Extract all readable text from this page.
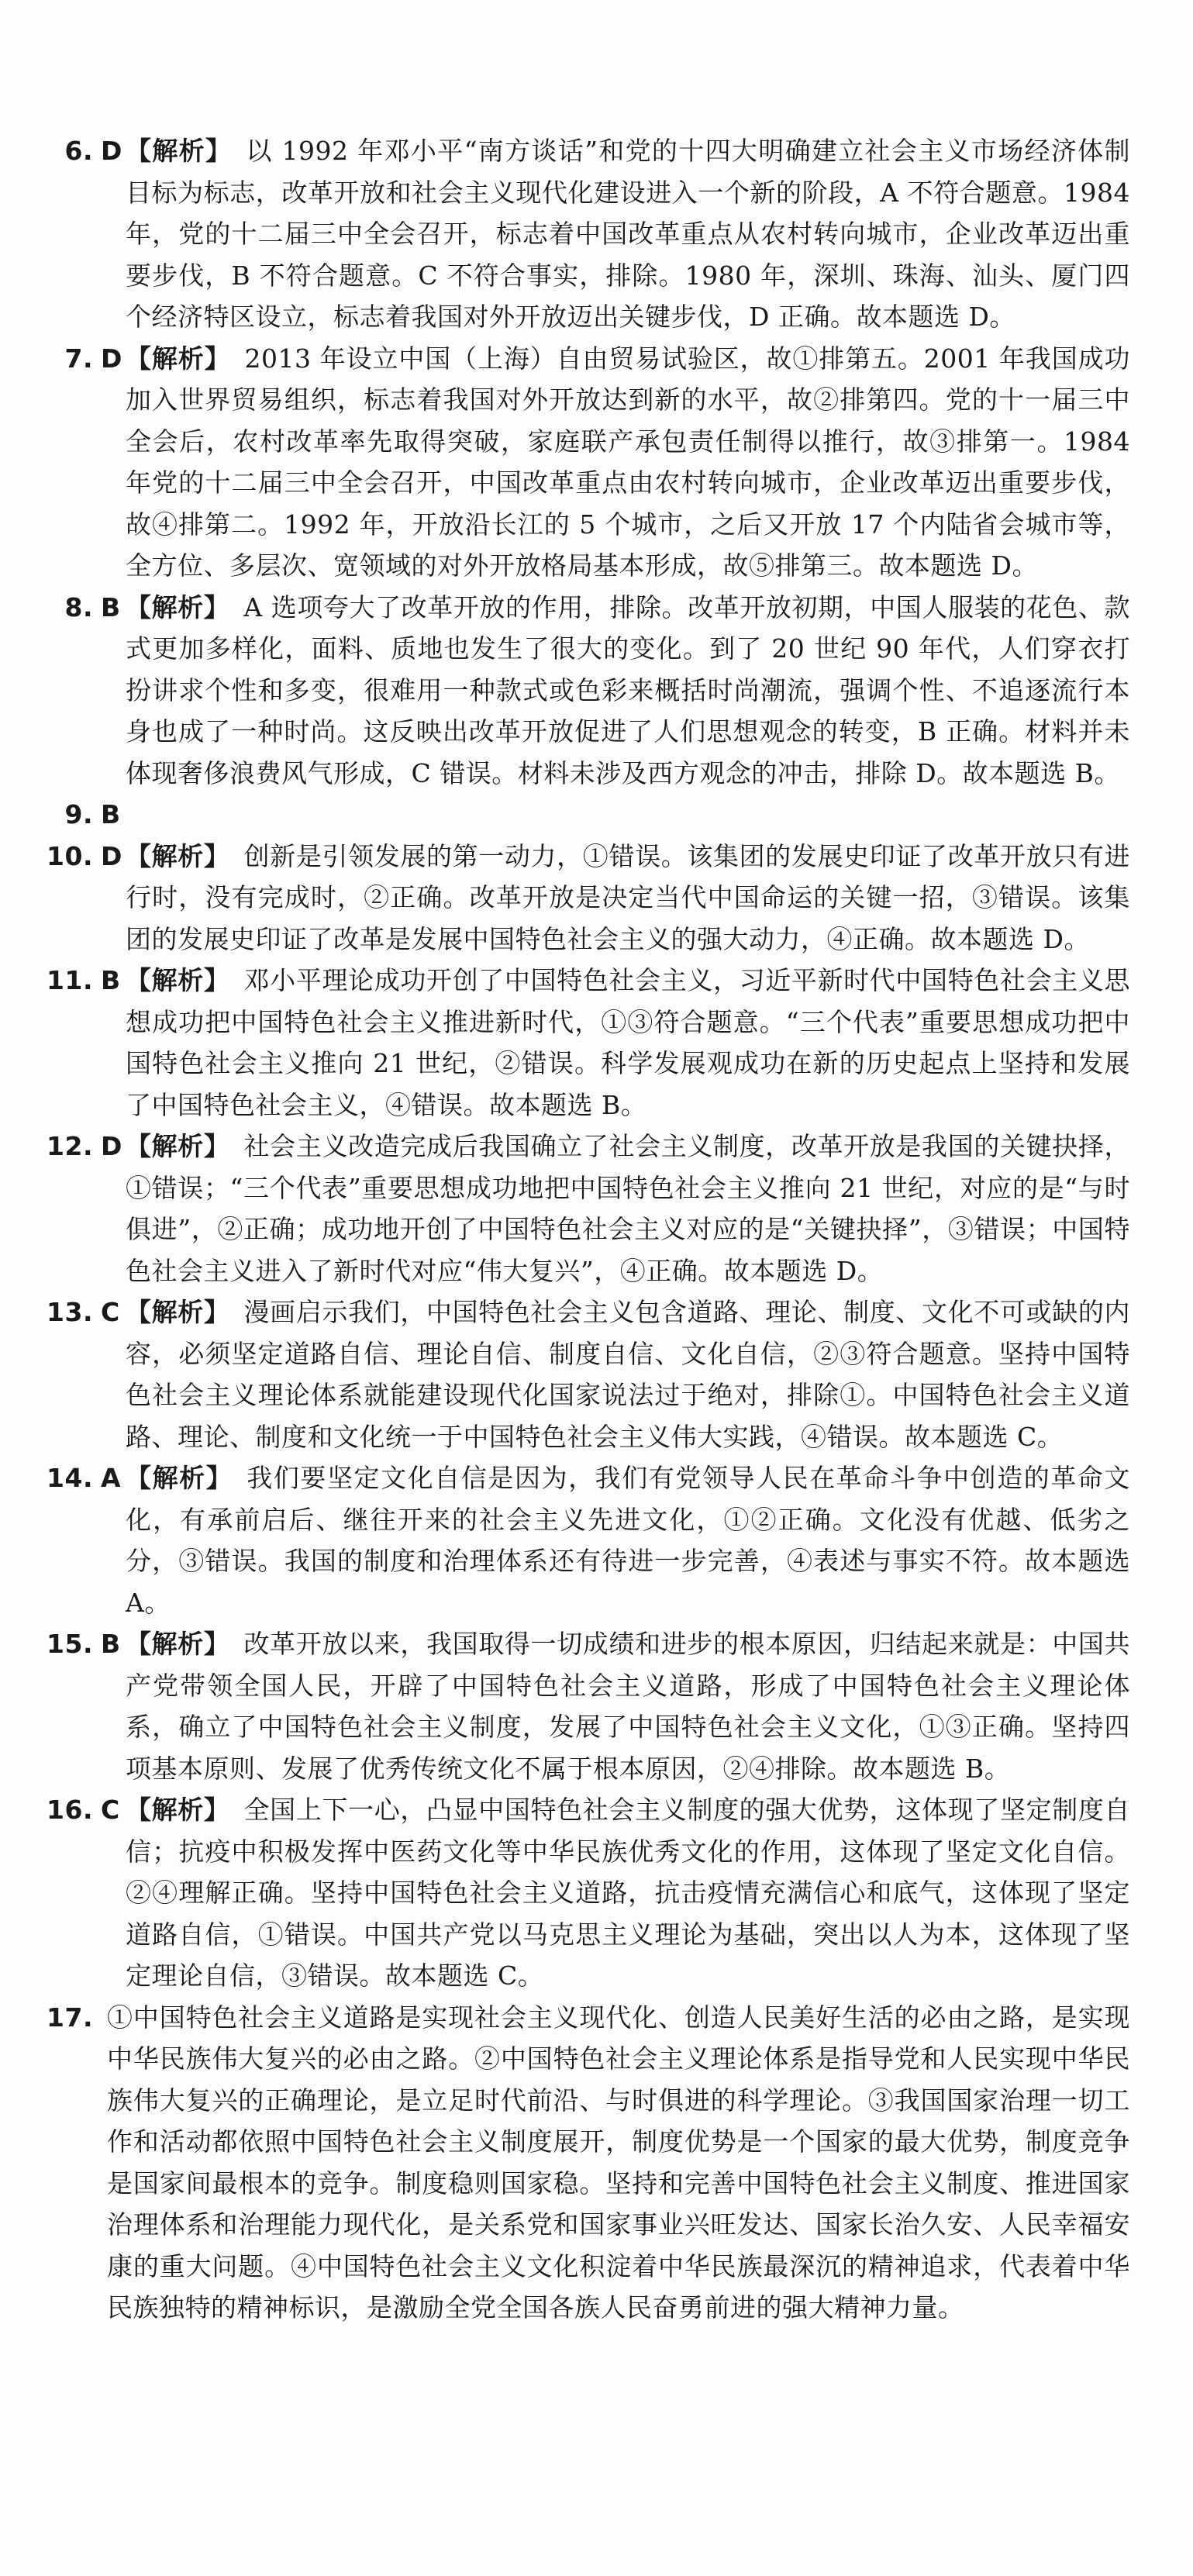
6. D 【解析】 以 1992 年邓小平“南方谈话”和党的十四大明确建立社会主义市场经济体制目标为标志，改革开放和社会主义现代化建设进入一个新的阶段，A 不符合题意。1984 年，党的十二届三中全会召开，标志着中国改革重点从农村转向城市，企业改革迈出重要步伐，B 不符合题意。C 不符合事实，排除。1980 年，深圳、珠海、汕头、厦门四个经济特区设立，标志着我国对外开放迈出关键步伐，D 正确。故本题选 D。
7. D 【解析】 2013 年设立中国（上海）自由贸易试验区，故①排第五。2001 年我国成功加入世界贸易组织，标志着我国对外开放达到新的水平，故②排第四。党的十一届三中全会后，农村改革率先取得突破，家庭联产承包责任制得以推行，故③排第一。1984 年党的十二届三中全会召开，中国改革重点由农村转向城市，企业改革迈出重要步伐，故④排第二。1992 年，开放沿长江的 5 个城市，之后又开放 17 个内陆省会城市等，全方位、多层次、宽领域的对外开放格局基本形成，故⑤排第三。故本题选 D。
8. B 【解析】 A 选项夸大了改革开放的作用，排除。改革开放初期，中国人服装的花色、款式更加多样化，面料、质地也发生了很大的变化。到了 20 世纪 90 年代，人们穿衣打扮讲求个性和多变，很难用一种款式或色彩来概括时尚潮流，强调个性、不追逐流行本身也成了一种时尚。这反映出改革开放促进了人们思想观念的转变，B 正确。材料并未体现奢侈浪费风气形成，C 错误。材料未涉及西方观念的冲击，排除 D。故本题选 B。
9. B

10. D 【解析】 创新是引领发展的第一动力，①错误。该集团的发展史印证了改革开放只有进行时，没有完成时，②正确。改革开放是决定当代中国命运的关键一招，③错误。该集团的发展史印证了改革是发展中国特色社会主义的强大动力，④正确。故本题选 D。
11. B 【解析】 邓小平理论成功开创了中国特色社会主义，习近平新时代中国特色社会主义思想成功把中国特色社会主义推进新时代，①③符合题意。“三个代表”重要思想成功把中国特色社会主义推向 21 世纪，②错误。科学发展观成功在新的历史起点上坚持和发展了中国特色社会主义，④错误。故本题选 B。
12. D 【解析】 社会主义改造完成后我国确立了社会主义制度，改革开放是我国的关键抉择，①错误；“三个代表”重要思想成功地把中国特色社会主义推向 21 世纪，对应的是“与时俱进”，②正确；成功地开创了中国特色社会主义对应的是“关键抉择”，③错误；中国特色社会主义进入了新时代对应“伟大复兴”，④正确。故本题选 D。
13. C 【解析】 漫画启示我们，中国特色社会主义包含道路、理论、制度、文化不可或缺的内容，必须坚定道路自信、理论自信、制度自信、文化自信，②③符合题意。坚持中国特色社会主义理论体系就能建设现代化国家说法过于绝对，排除①。中国特色社会主义道路、理论、制度和文化统一于中国特色社会主义伟大实践，④错误。故本题选 C。
14. A 【解析】 我们要坚定文化自信是因为，我们有党领导人民在革命斗争中创造的革命文化，有承前启后、继往开来的社会主义先进文化，①②正确。文化没有优越、低劣之分，③错误。我国的制度和治理体系还有待进一步完善，④表述与事实不符。故本题选 A。
15. B 【解析】 改革开放以来，我国取得一切成绩和进步的根本原因，归结起来就是：中国共产党带领全国人民，开辟了中国特色社会主义道路，形成了中国特色社会主义理论体系，确立了中国特色社会主义制度，发展了中国特色社会主义文化，①③正确。坚持四项基本原则、发展了优秀传统文化不属于根本原因，②④排除。故本题选 B。
16. C 【解析】 全国上下一心，凸显中国特色社会主义制度的强大优势，这体现了坚定制度自信；抗疫中积极发挥中医药文化等中华民族优秀文化的作用，这体现了坚定文化自信。②④理解正确。坚持中国特色社会主义道路，抗击疫情充满信心和底气，这体现了坚定道路自信，①错误。中国共产党以马克思主义理论为基础，突出以人为本，这体现了坚定理论自信，③错误。故本题选 C。
17. ①中国特色社会主义道路是实现社会主义现代化、创造人民美好生活的必由之路，是实现中华民族伟大复兴的必由之路。②中国特色社会主义理论体系是指导党和人民实现中华民族伟大复兴的正确理论，是立足时代前沿、与时俱进的科学理论。③我国国家治理一切工作和活动都依照中国特色社会主义制度展开，制度优势是一个国家的最大优势，制度竞争是国家间最根本的竞争。制度稳则国家稳。坚持和完善中国特色社会主义制度、推进国家治理体系和治理能力现代化，是关系党和国家事业兴旺发达、国家长治久安、人民幸福安康的重大问题。④中国特色社会主义文化积淀着中华民族最深沉的精神追求，代表着中华民族独特的精神标识，是激励全党全国各族人民奋勇前进的强大精神力量。
